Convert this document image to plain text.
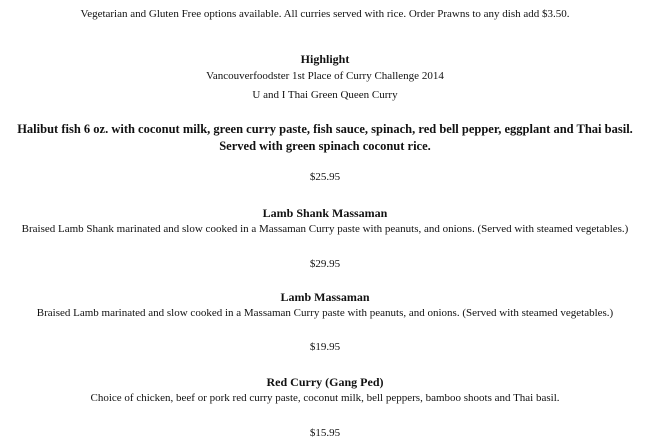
Vegetarian and Gluten Free options available. All curries served with rice. Order Prawns to any dish add $3.50.
Highlight
Vancouverfoodster 1st Place of Curry Challenge 2014
U and I Thai Green Queen Curry
Halibut fish 6 oz. with coconut milk, green curry paste, fish sauce, spinach, red bell pepper, eggplant and Thai basil. Served with green spinach coconut rice.
$25.95
Lamb Shank Massaman
Braised Lamb Shank marinated and slow cooked in a Massaman Curry paste with peanuts, and onions. (Served with steamed vegetables.)
$29.95
Lamb Massaman
Braised Lamb marinated and slow cooked in a Massaman Curry paste with peanuts, and onions. (Served with steamed vegetables.)
$19.95
Red Curry (Gang Ped)
Choice of chicken, beef or pork red curry paste, coconut milk, bell peppers, bamboo shoots and Thai basil.
$15.95
